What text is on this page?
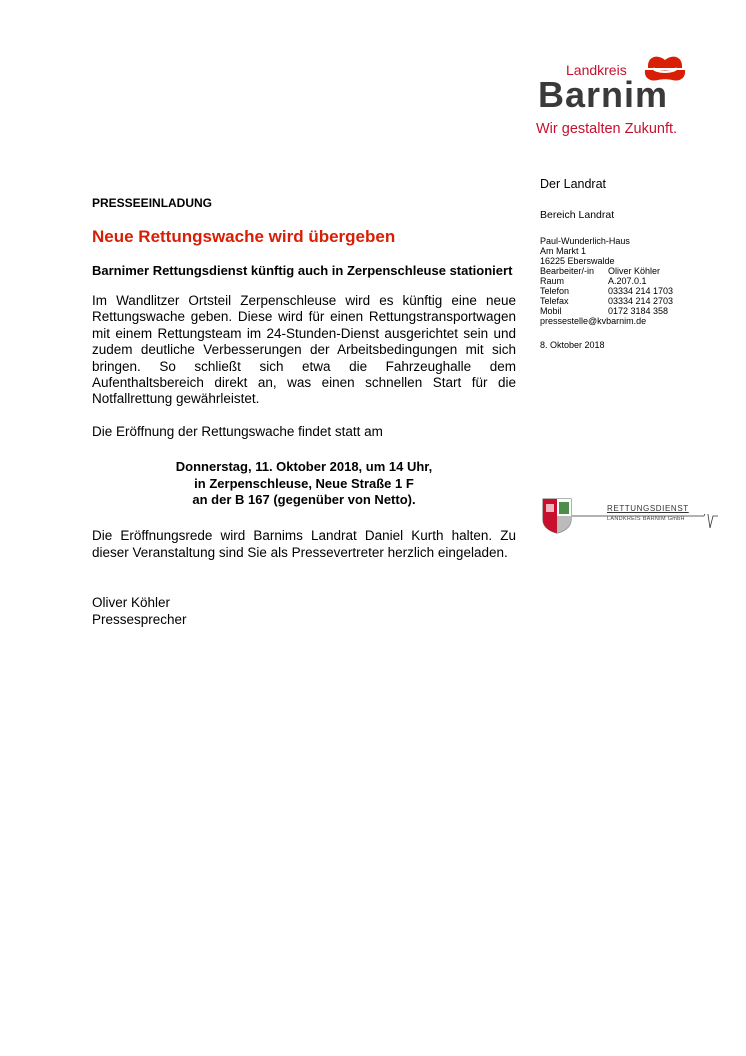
Landkreis
Barnim
Wir gestalten Zukunft.

Der Landrat

Bereich Landrat

Paul-Wunderlich-Haus
Am Markt 1
16225 Eberswalde
Bearbeiter/-in	Oliver Köhler
Raum	A.207.0.1
Telefon	03334 214 1703
Telefax	03334 214 2703
Mobil	0172 3184 358
pressestelle@kvbarnim.de
8. Oktober 2018
RETTUNGSDIENST
LANDKREIS BARNIM GmbH

PRESSEEINLADUNG

Neue Rettungswache wird übergeben

Barnimer Rettungsdienst künftig auch in Zerpenschleuse stationiert

Im Wandlitzer Ortsteil Zerpenschleuse wird es künftig eine neue Rettungswache geben. Diese wird für einen Rettungstransportwagen mit einem Rettungsteam im 24-Stunden-Dienst ausgerichtet sein und zudem deutliche Verbesserungen der Arbeitsbedingungen mit sich bringen. So schließt sich etwa die Fahrzeughalle dem Aufenthaltsbereich direkt an, was einen schnellen Start für die Notfallrettung gewährleistet.

Die Eröffnung der Rettungswache findet statt am

Donnerstag, 11. Oktober 2018, um 14 Uhr,
in Zerpenschleuse, Neue Straße 1 F
an der B 167 (gegenüber von Netto).

Die Eröffnungsrede wird Barnims Landrat Daniel Kurth halten. Zu dieser Veranstaltung sind Sie als Pressevertreter herzlich eingeladen.

Oliver Köhler
Pressesprecher
